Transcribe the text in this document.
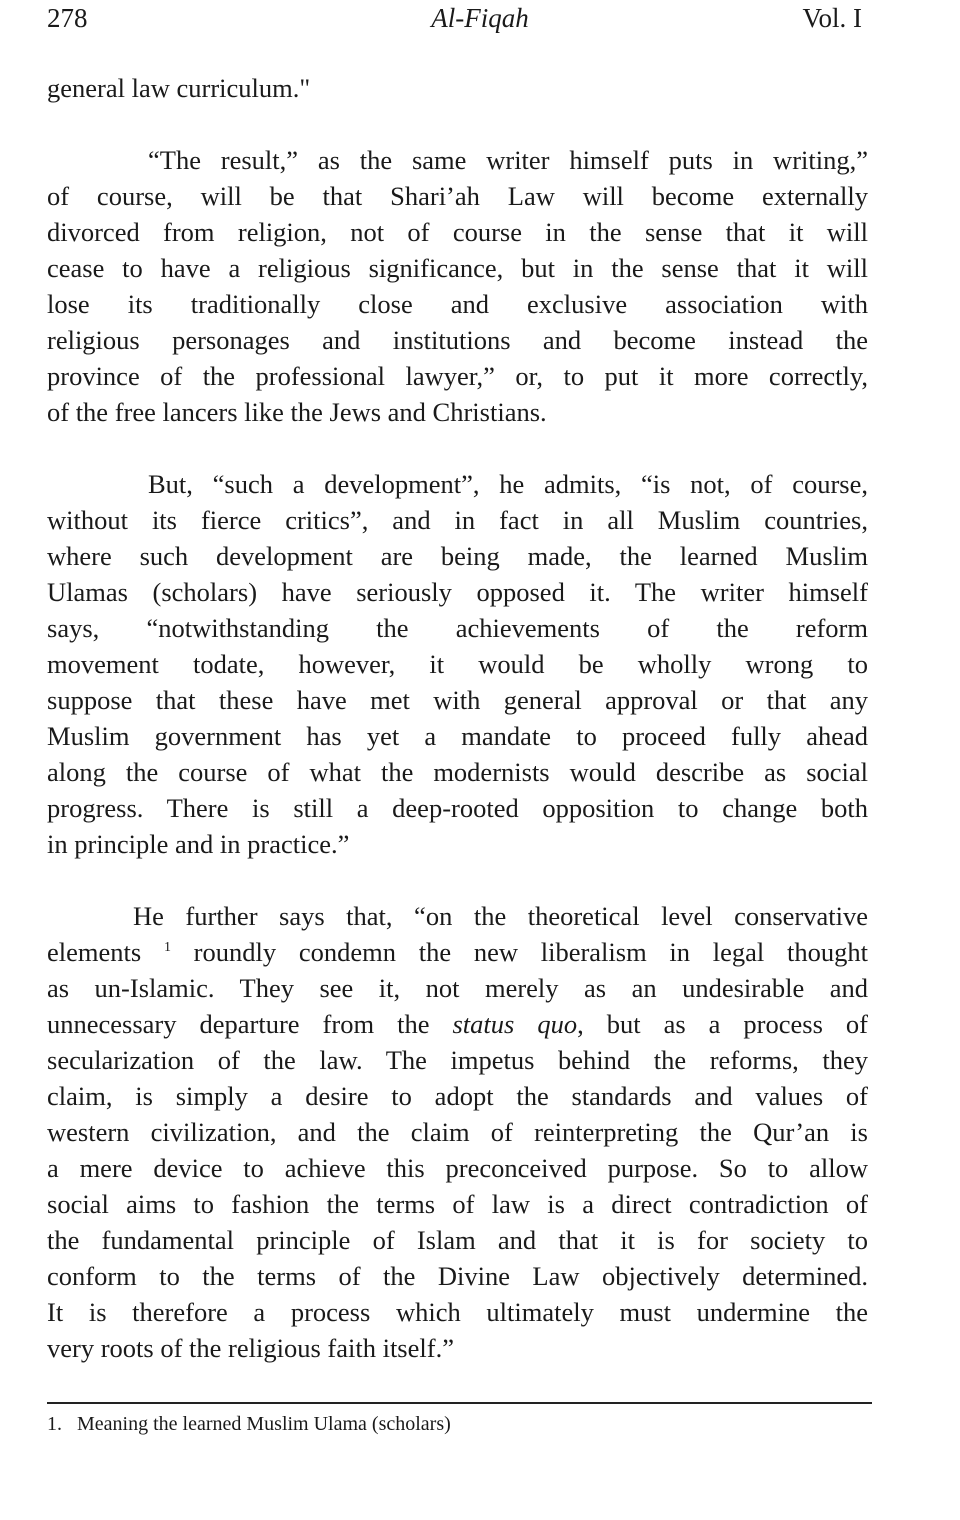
278	Al-Fiqah	Vol. I
general law curriculum."
“The result,” as the same writer himself puts in writing,”
of course, will be that Shari’ah Law will become externally
divorced from religion, not of course in the sense that it will
cease to have a religious significance, but in the sense that it will
lose its traditionally close and exclusive association with
religious personages and institutions and become instead the
province of the professional lawyer,” or, to put it more correctly,
of the free lancers like the Jews and Christians.
But, “such a development”, he admits, “is not, of course,
without its fierce critics”, and in fact in all Muslim countries,
where such development are being made, the learned Muslim
Ulamas (scholars) have seriously opposed it. The writer himself
says, “notwithstanding the achievements of the reform
movement todate, however, it would be wholly wrong to
suppose that these have met with general approval or that any
Muslim government has yet a mandate to proceed fully ahead
along the course of what the modernists would describe as social
progress. There is still a deep-rooted opposition to change both
in principle and in practice.”
He further says that, “on the theoretical level conservative
elements $^1$ roundly condemn the new liberalism in legal thought
as un-Islamic. They see it, not merely as an undesirable and
unnecessary departure from the status quo, but as a process of
secularization of the law. The impetus behind the reforms, they
claim, is simply a desire to adopt the standards and values of
western civilization, and the claim of reinterpreting the Qur’an is
a mere device to achieve this preconceived purpose. So to allow
social aims to fashion the terms of law is a direct contradiction of
the fundamental principle of Islam and that it is for society to
conform to the terms of the Divine Law objectively determined.
It is therefore a process which ultimately must undermine the
very roots of the religious faith itself.”
1. Meaning the learned Muslim Ulama (scholars)
